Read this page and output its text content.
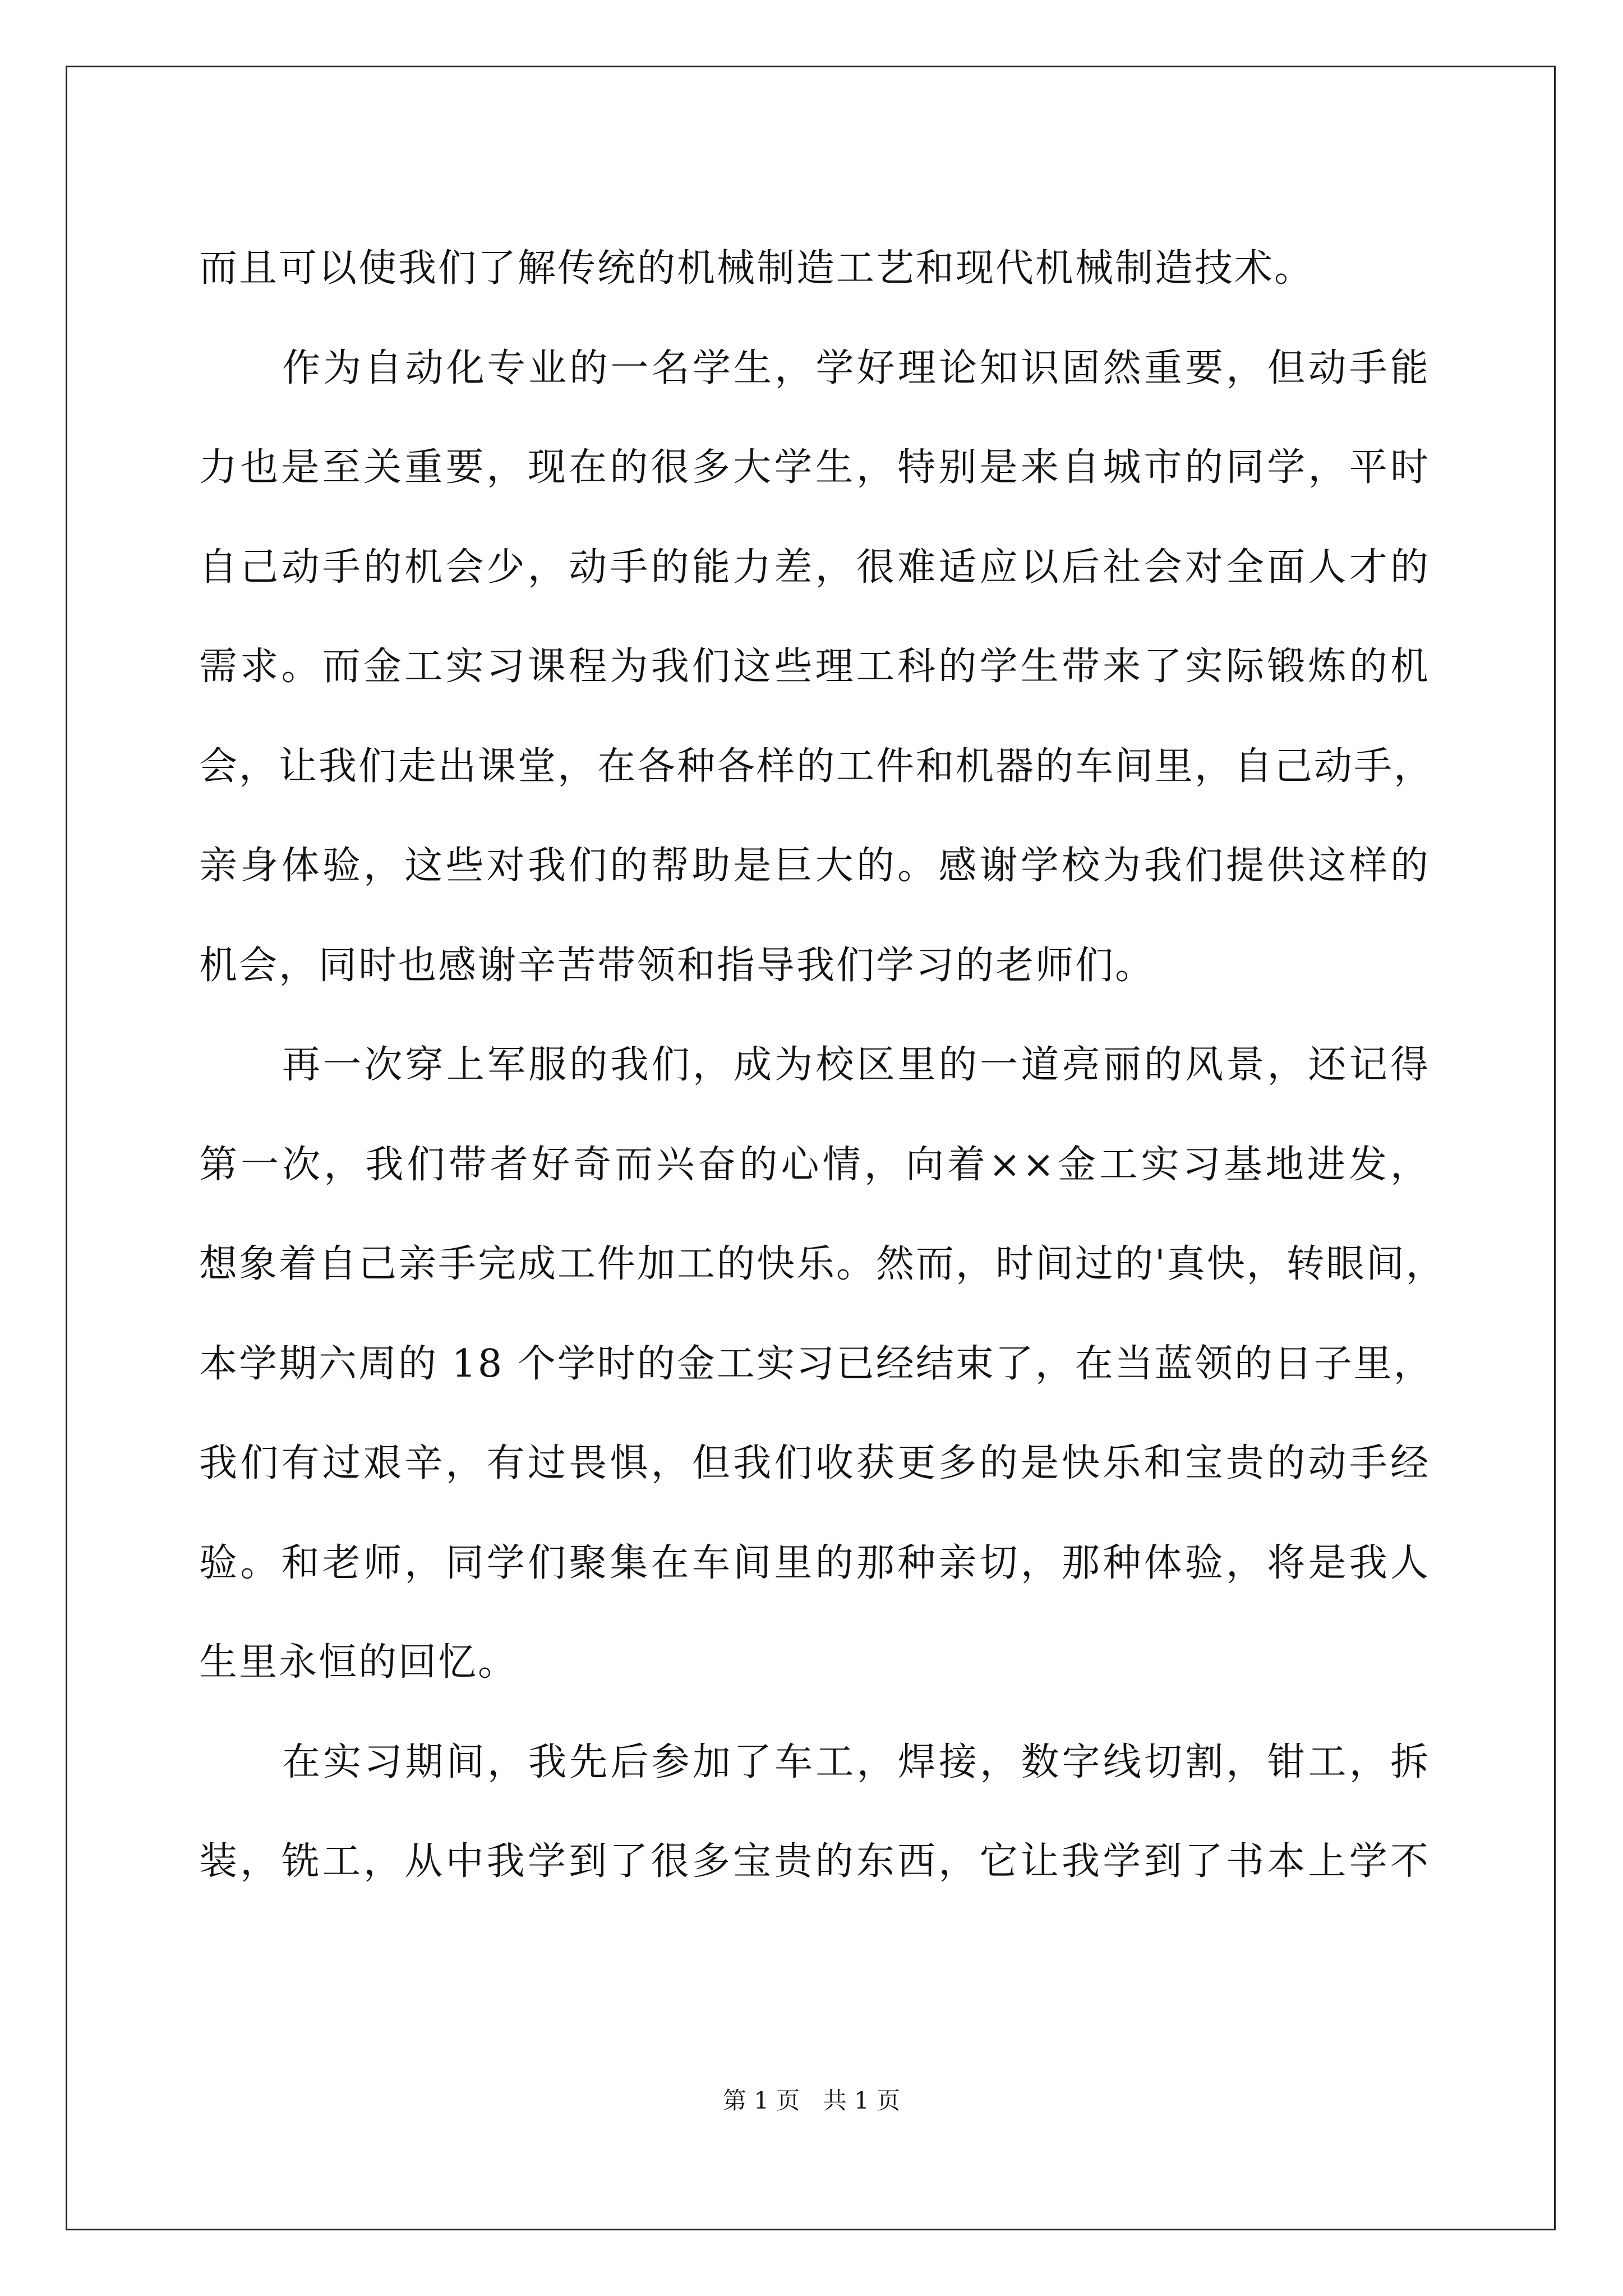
而且可以使我们了解传统的机械制造工艺和现代机械制造技术。
作为自动化专业的一名学生，学好理论知识固然重要，但动手能
力也是至关重要，现在的很多大学生，特别是来自城市的同学，平时
自己动手的机会少，动手的能力差，很难适应以后社会对全面人才的
需求。而金工实习课程为我们这些理工科的学生带来了实际锻炼的机
会，让我们走出课堂，在各种各样的工件和机器的车间里，自己动手，
亲身体验，这些对我们的帮助是巨大的。感谢学校为我们提供这样的
机会，同时也感谢辛苦带领和指导我们学习的老师们。
再一次穿上军服的我们，成为校区里的一道亮丽的风景，还记得
第一次，我们带者好奇而兴奋的心情，向着××金工实习基地进发，
想象着自己亲手完成工件加工的快乐。然而，时间过的'真快，转眼间，
本学期六周的 18 个学时的金工实习已经结束了，在当蓝领的日子里，
我们有过艰辛，有过畏惧，但我们收获更多的是快乐和宝贵的动手经
验。和老师，同学们聚集在车间里的那种亲切，那种体验，将是我人
生里永恒的回忆。
在实习期间，我先后参加了车工，焊接，数字线切割，钳工，拆
装，铣工，从中我学到了很多宝贵的东西，它让我学到了书本上学不
第 1 页 共 1 页
